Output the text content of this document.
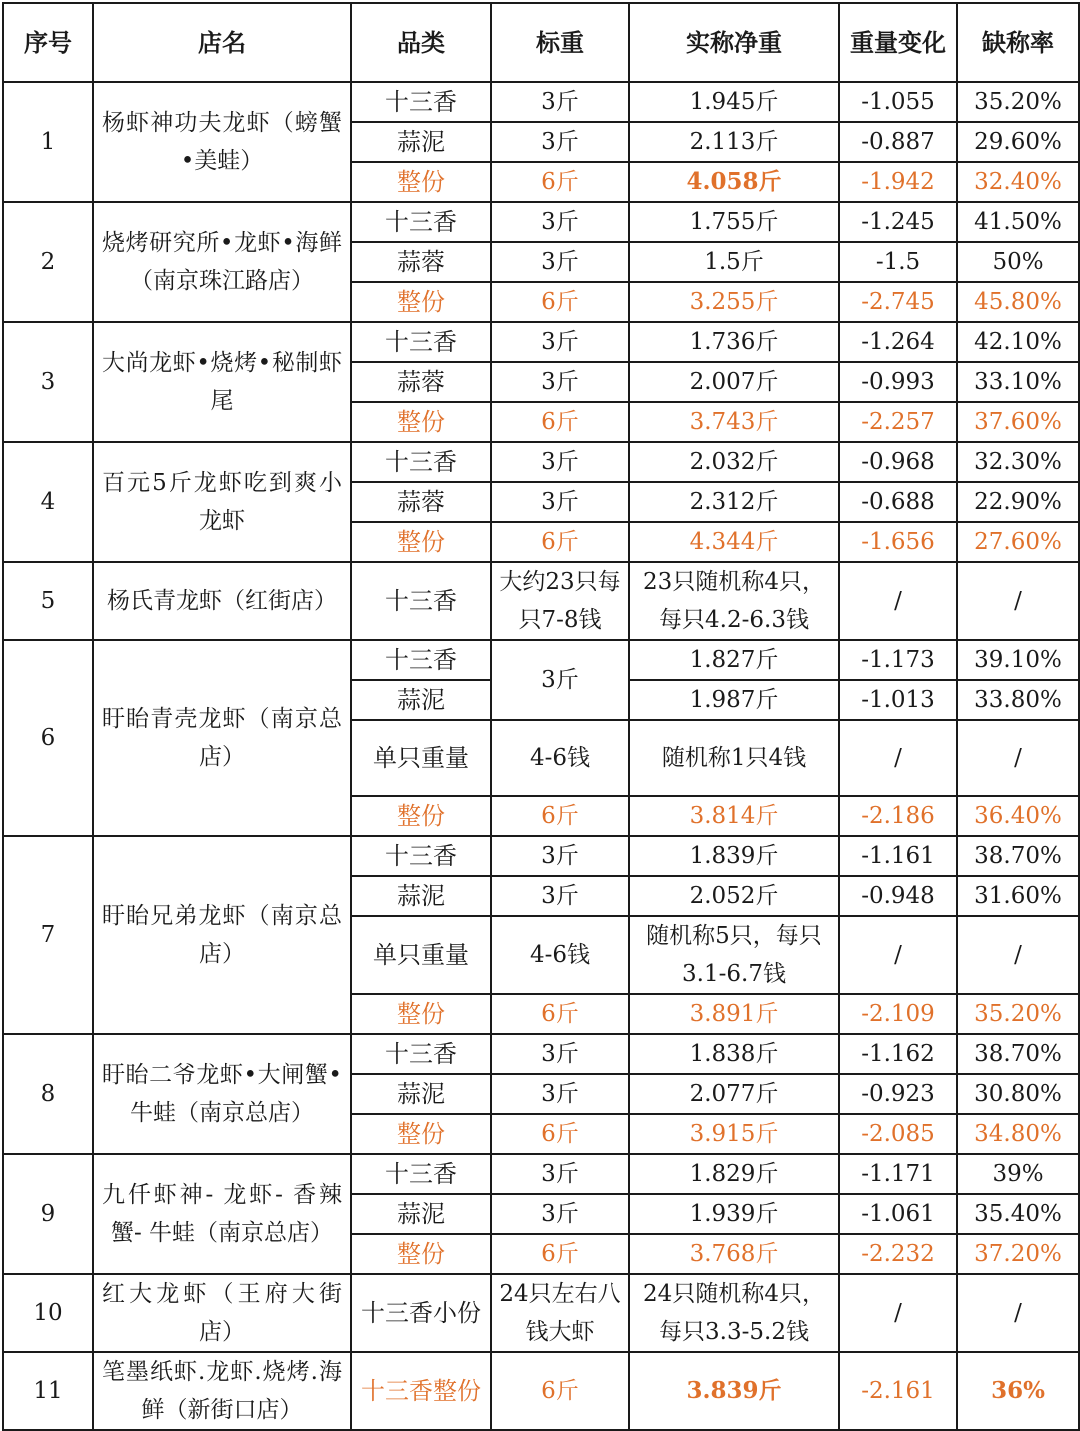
序号	店名	品类	标重	实称净重	重量变化	缺称率
1	杨虾神功夫龙虾（螃蟹•美蛙）	十三香	3斤	1.945斤	-1.055	35.20%
		蒜泥	3斤	2.113斤	-0.887	29.60%
		整份	6斤	4.058斤	-1.942	32.40%
2	烧烤研究所•龙虾•海鲜（南京珠江路店）	十三香	3斤	1.755斤	-1.245	41.50%
		蒜蓉	3斤	1.5斤	-1.5	50%
		整份	6斤	3.255斤	-2.745	45.80%
3	大尚龙虾•烧烤•秘制虾尾	十三香	3斤	1.736斤	-1.264	42.10%
		蒜蓉	3斤	2.007斤	-0.993	33.10%
		整份	6斤	3.743斤	-2.257	37.60%
4	百元5斤龙虾吃到爽小龙虾	十三香	3斤	2.032斤	-0.968	32.30%
		蒜蓉	3斤	2.312斤	-0.688	22.90%
		整份	6斤	4.344斤	-1.656	27.60%
5	杨氏青龙虾（红街店）	十三香	大约23只每只7-8钱	23只随机称4只，每只4.2-6.3钱	/	/
6	盱眙青壳龙虾（南京总店）	十三香	3斤	1.827斤	-1.173	39.10%
		蒜泥		1.987斤	-1.013	33.80%
		单只重量	4-6钱	随机称1只4钱	/	/
		整份	6斤	3.814斤	-2.186	36.40%
7	盱眙兄弟龙虾（南京总店）	十三香	3斤	1.839斤	-1.161	38.70%
		蒜泥	3斤	2.052斤	-0.948	31.60%
		单只重量	4-6钱	随机称5只，每只3.1-6.7钱	/	/
		整份	6斤	3.891斤	-2.109	35.20%
8	盱眙二爷龙虾•大闸蟹•牛蛙（南京总店）	十三香	3斤	1.838斤	-1.162	38.70%
		蒜泥	3斤	2.077斤	-0.923	30.80%
		整份	6斤	3.915斤	-2.085	34.80%
9	九仟虾神- 龙虾- 香辣蟹- 牛蛙（南京总店）	十三香	3斤	1.829斤	-1.171	39%
		蒜泥	3斤	1.939斤	-1.061	35.40%
		整份	6斤	3.768斤	-2.232	37.20%
10	红大龙虾（王府大街店）	十三香小份	24只左右八钱大虾	24只随机称4只，每只3.3-5.2钱	/	/
11	笔墨纸虾.龙虾.烧烤.海鲜（新街口店）	十三香整份	6斤	3.839斤	-2.161	36%
